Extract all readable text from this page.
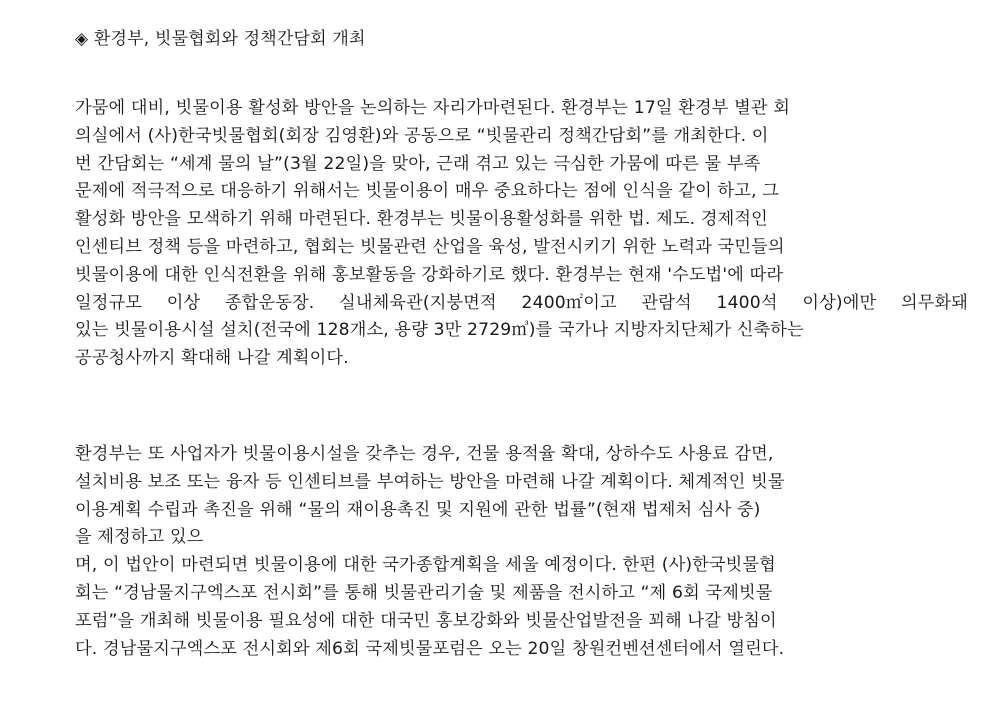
◈ 환경부, 빗물협회와 정책간담회 개최
가뭄에 대비, 빗물이용 활성화 방안을 논의하는 자리가마련된다. 환경부는 17일 환경부 별관 회
의실에서 (사)한국빗물협회(회장 김영환)와 공동으로 “빗물관리 정책간담회”를 개최한다. 이
번 간담회는 “세계 물의 날”(3월 22일)을 맞아, 근래 겪고 있는 극심한 가뭄에 따른 물 부족
문제에 적극적으로 대응하기 위해서는 빗물이용이 매우 중요하다는 점에 인식을 같이 하고, 그
활성화 방안을 모색하기 위해 마련된다. 환경부는 빗물이용활성화를 위한 법. 제도. 경제적인
인센티브 정책 등을 마련하고, 협회는 빗물관련 산업을 육성, 발전시키기 위한 노력과 국민들의
빗물이용에 대한 인식전환을 위해 홍보활동을 강화하기로 했다. 환경부는 현재 '수도법'에 따라
일정규모 이상 종합운동장. 실내체육관(지붕면적 2400㎡이고 관람석 1400석 이상)에만 의무화돼
있는 빗물이용시설 설치(전국에 128개소, 용량 3만 2729㎥)를 국가나 지방자치단체가 신축하는
공공청사까지 확대해 나갈 계획이다.
환경부는 또 사업자가 빗물이용시설을 갖추는 경우, 건물 용적율 확대, 상하수도 사용료 감면,
설치비용 보조 또는 융자 등 인센티브를 부여하는 방안을 마련해 나갈 계획이다. 체계적인 빗물
이용계획 수립과 촉진을 위해 “물의 재이용촉진 및 지원에 관한 법률”(현재 법제처 심사 중)
을 제정하고 있으
며, 이 법안이 마련되면 빗물이용에 대한 국가종합계획을 세울 예정이다. 한편 (사)한국빗물협
회는 “경남물지구엑스포 전시회”를 통해 빗물관리기술 및 제품을 전시하고 “제 6회 국제빗물
포럼”을 개최해 빗물이용 필요성에 대한 대국민 홍보강화와 빗물산업발전을 꾀해 나갈 방침이
다. 경남물지구엑스포 전시회와 제6회 국제빗물포럼은 오는 20일 창원컨벤션센터에서 열린다.
